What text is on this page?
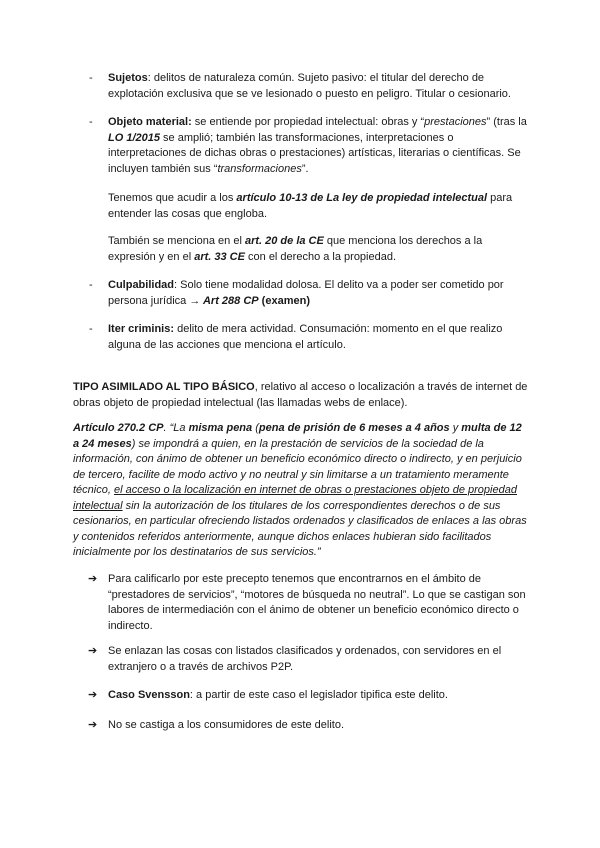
- Sujetos: delitos de naturaleza común. Sujeto pasivo: el titular del derecho de explotación exclusiva que se ve lesionado o puesto en peligro. Titular o cesionario.
- Objeto material: se entiende por propiedad intelectual: obras y “prestaciones” (tras la LO 1/2015 se amplió; también las transformaciones, interpretaciones o interpretaciones de dichas obras o prestaciones) artísticas, literarias o científicas. Se incluyen también sus “transformaciones”.
Tenemos que acudir a los artículo 10-13 de La ley de propiedad intelectual para entender las cosas que engloba.
También se menciona en el art. 20 de la CE que menciona los derechos a la expresión y en el art. 33 CE con el derecho a la propiedad.
- Culpabilidad: Solo tiene modalidad dolosa. El delito va a poder ser cometido por persona jurídica → Art 288 CP (examen)
- Iter criminis: delito de mera actividad. Consumación: momento en el que realizo alguna de las acciones que menciona el artículo.
TIPO ASIMILADO AL TIPO BÁSICO, relativo al acceso o localización a través de internet de obras objeto de propiedad intelectual (las llamadas webs de enlace).
Artículo 270.2 CP. “La misma pena (pena de prisión de 6 meses a 4 años y multa de 12 a 24 meses) se impondrá a quien, en la prestación de servicios de la sociedad de la información, con ánimo de obtener un beneficio económico directo o indirecto, y en perjuicio de tercero, facilite de modo activo y no neutral y sin limitarse a un tratamiento meramente técnico, el acceso o la localización en internet de obras o prestaciones objeto de propiedad intelectual sin la autorización de los titulares de los correspondientes derechos o de sus cesionarios, en particular ofreciendo listados ordenados y clasificados de enlaces a las obras y contenidos referidos anteriormente, aunque dichos enlaces hubieran sido facilitados inicialmente por los destinatarios de sus servicios.”
➔ Para calificarlo por este precepto tenemos que encontrarnos en el ámbito de “prestadores de servicios”, “motores de búsqueda no neutral”. Lo que se castigan son labores de intermediación con el ánimo de obtener un beneficio económico directo o indirecto.
➔ Se enlazan las cosas con listados clasificados y ordenados, con servidores en el extranjero o a través de archivos P2P.
➔ Caso Svensson: a partir de este caso el legislador tipifica este delito.
➔ No se castiga a los consumidores de este delito.
